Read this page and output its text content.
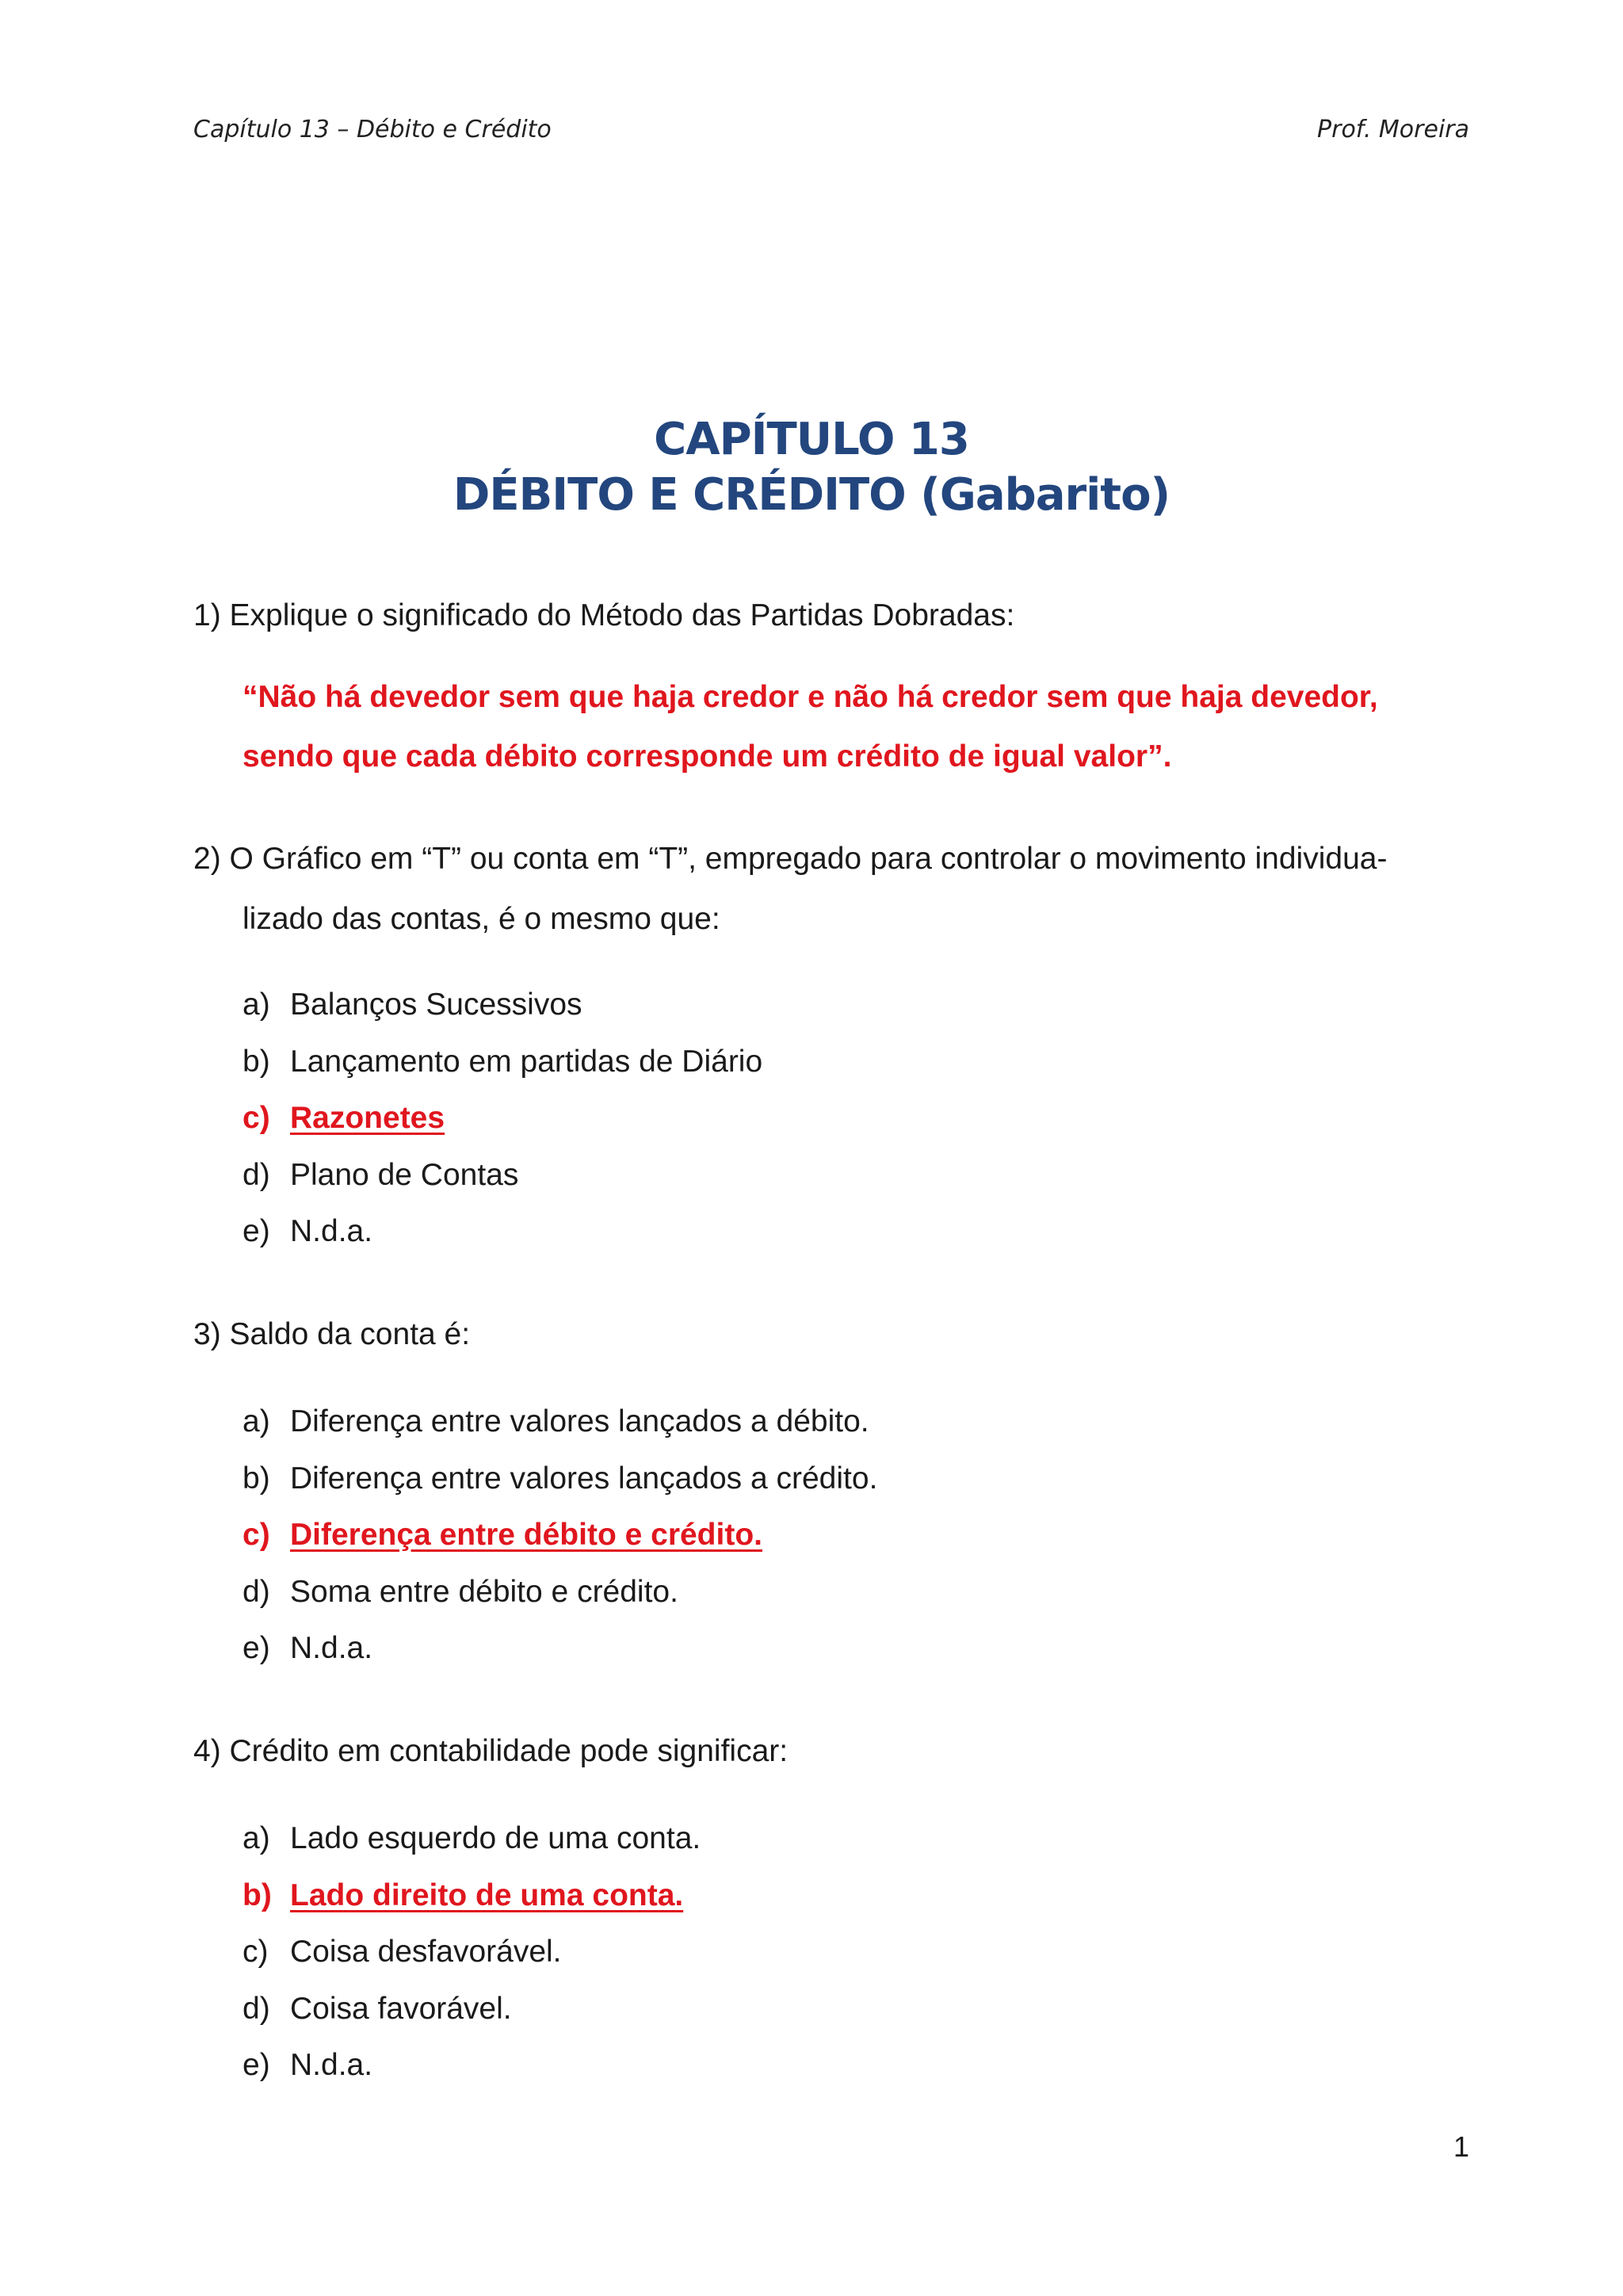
Capítulo 13 – Débito e Crédito	Prof. Moreira
CAPÍTULO 13
DÉBITO E CRÉDITO (Gabarito)
1) Explique o significado do Método das Partidas Dobradas:
“Não há devedor sem que haja credor e não há credor sem que haja devedor, sendo que cada débito corresponde um crédito de igual valor”.
2) O Gráfico em “T” ou conta em “T”, empregado para controlar o movimento individua-
lizado das contas, é o mesmo que:
a) Balanços Sucessivos
b) Lançamento em partidas de Diário
c) Razonetes
d) Plano de Contas
e) N.d.a.
3) Saldo da conta é:
a) Diferença entre valores lançados a débito.
b) Diferença entre valores lançados a crédito.
c) Diferença entre débito e crédito.
d) Soma entre débito e crédito.
e) N.d.a.
4) Crédito em contabilidade pode significar:
a) Lado esquerdo de uma conta.
b) Lado direito de uma conta.
c) Coisa desfavorável.
d) Coisa favorável.
e) N.d.a.
1
